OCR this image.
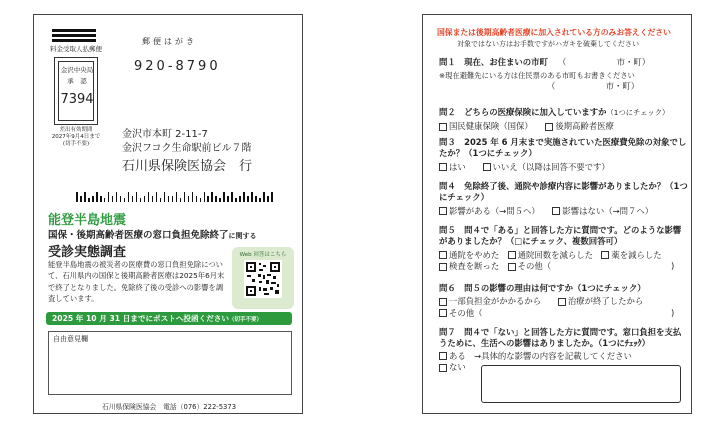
料金受取人払郵便
金沢中央局
承　認
7394
差出有効期間
2027年9月4日まで
(切手不要)
郵便はがき
920-8790
金沢市本町 2-11-7
金沢フコク生命駅前ビル７階
石川県保険医協会　行
能登半島地震
国保・後期高齢者医療の窓口負担免除終了に関する
受診実態調査
能登半島地震の被災者の医療費の窓口負担免除について、石川県内の国保と後期高齢者医療は2025年6月末で終了となりました。免除終了後の受診への影響を調査しています。
Web 回答はこちら
2025 年 10 月 31 日までにポストへ投函ください（切手不要）
自由意見欄
石川県保険医協会　電話（076）222-5373
国保または後期高齢者医療に加入されている方のみお答えください
対象ではない方はお手数ですがハガキを破棄してください
問１　 現在、お住まいの市町　 （　　　　　　市・町）
※現在避難先にいる方は住民票のある市町もお書きください
（　　　　　　市・町）
問２　 どちらの医療保険に加入していますか（1つにチェック）
国民健康保険（国保）　　	後期高齢者医療
問３　 2025 年 6 月末まで実施されていた医療費免除の対象でしたか？（1つにチェック）
はい　　	いいえ（以降は回答不要です）
問４　 免除終了後、通院や診療内容に影響がありましたか？（1つにチェック）
影響がある（→問５へ）　　	影響はない（→問７へ）
問５　 問４で「ある」と回答した方に質問です。どのような影響がありましたか？（□にチェック、複数回答可）
通院をやめた　 通院回数を減らした　 薬を減らした
検査を断った　 その他（	)
問６　 問５の影響の理由は何ですか（1つにチェック）
一部負担金がかかるから　　	治療が終了したから
その他（	)
問７　 問４で「ない」と回答した方に質問です。窓口負担を支払うために、生活への影響はありましたか。（1つにﾁｪｯｸ）
ある　→具体的な影響の内容を記載してください
ない
